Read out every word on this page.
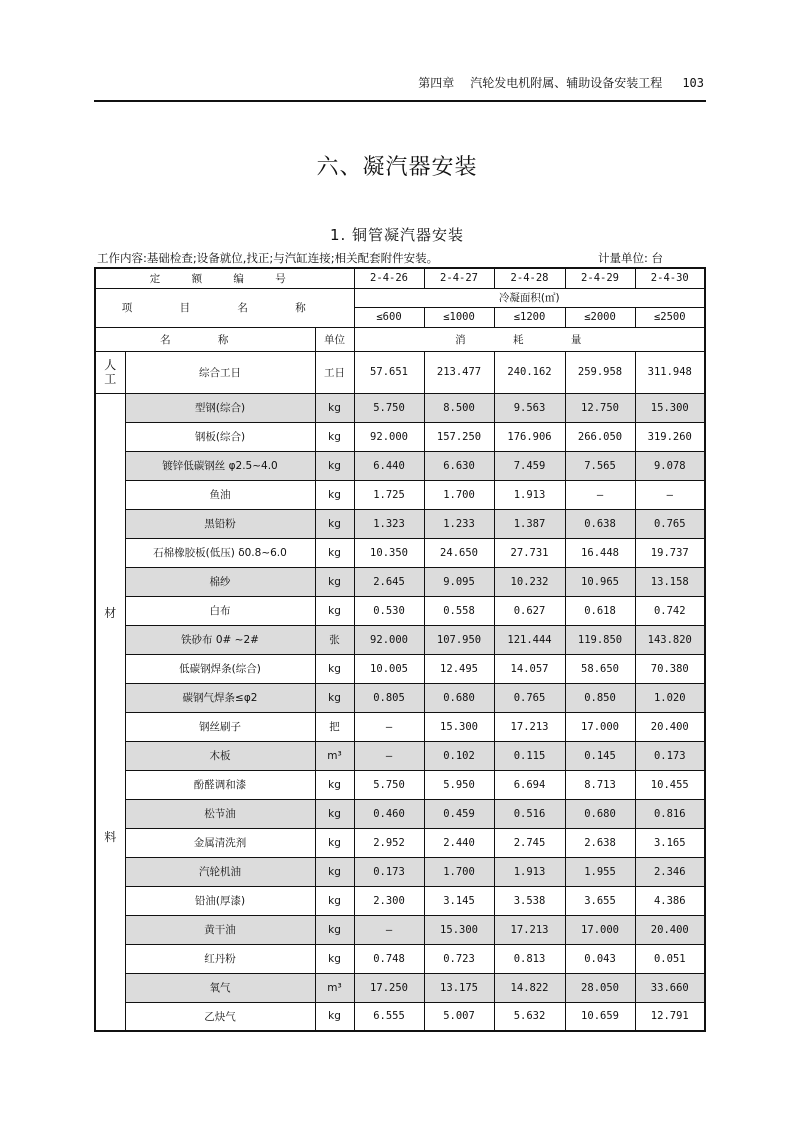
第四章 汽轮发电机附属、辅助设备安装工程 103
六、凝汽器安装
1. 铜管凝汽器安装
工作内容:基础检查;设备就位,找正;与汽缸连接;相关配套附件安装。	计量单位: 台
定 额 编 号			2-4-26	2-4-27	2-4-28	2-4-29	2-4-30
项 目 名 称			冷凝面积(㎡)				
			≤600	≤1000	≤1200	≤2000	≤2500
名 称		单位	消 耗 量				
人工	综合工日	工日	57.651	213.477	240.162	259.958	311.948

材
料	型钢(综合)	kg	5.750	8.500	9.563	12.750	15.300
	钢板(综合)	kg	92.000	157.250	176.906	266.050	319.260
	镀锌低碳钢丝 φ2.5~4.0	kg	6.440	6.630	7.459	7.565	9.078
	鱼油	kg	1.725	1.700	1.913	—	—
	黑铅粉	kg	1.323	1.233	1.387	0.638	0.765
	石棉橡胶板(低压) δ0.8~6.0	kg	10.350	24.650	27.731	16.448	19.737
	棉纱	kg	2.645	9.095	10.232	10.965	13.158
	白布	kg	0.530	0.558	0.627	0.618	0.742
	铁砂布 0# ~2#	张	92.000	107.950	121.444	119.850	143.820
	低碳钢焊条(综合)	kg	10.005	12.495	14.057	58.650	70.380
	碳钢气焊条≤φ2	kg	0.805	0.680	0.765	0.850	1.020
	钢丝刷子	把	—	15.300	17.213	17.000	20.400
	木板	m³	—	0.102	0.115	0.145	0.173
	酚醛调和漆	kg	5.750	5.950	6.694	8.713	10.455
	松节油	kg	0.460	0.459	0.516	0.680	0.816
	金属清洗剂	kg	2.952	2.440	2.745	2.638	3.165
	汽轮机油	kg	0.173	1.700	1.913	1.955	2.346
	铅油(厚漆)	kg	2.300	3.145	3.538	3.655	4.386
	黄干油	kg	—	15.300	17.213	17.000	20.400
	红丹粉	kg	0.748	0.723	0.813	0.043	0.051
	氧气	m³	17.250	13.175	14.822	28.050	33.660
	乙炔气	kg	6.555	5.007	5.632	10.659	12.791
